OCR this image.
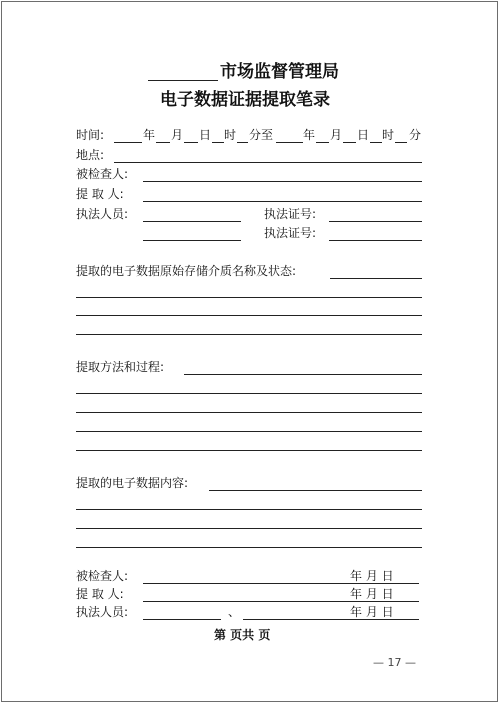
市场监督管理局
电子数据证据提取笔录
时间:	年 月 日 时 分至 年 月 日 时 分
地点:
被检查人:
提 取 人:
执法人员:	执法证号:
执法证号:
提取的电子数据原始存储介质名称及状态:
提取方法和过程:
提取的电子数据内容:
被检查人:	年 月 日
提 取 人:	年 月 日
执法人员:	、	年 月 日
第 页共 页
— 17 —
